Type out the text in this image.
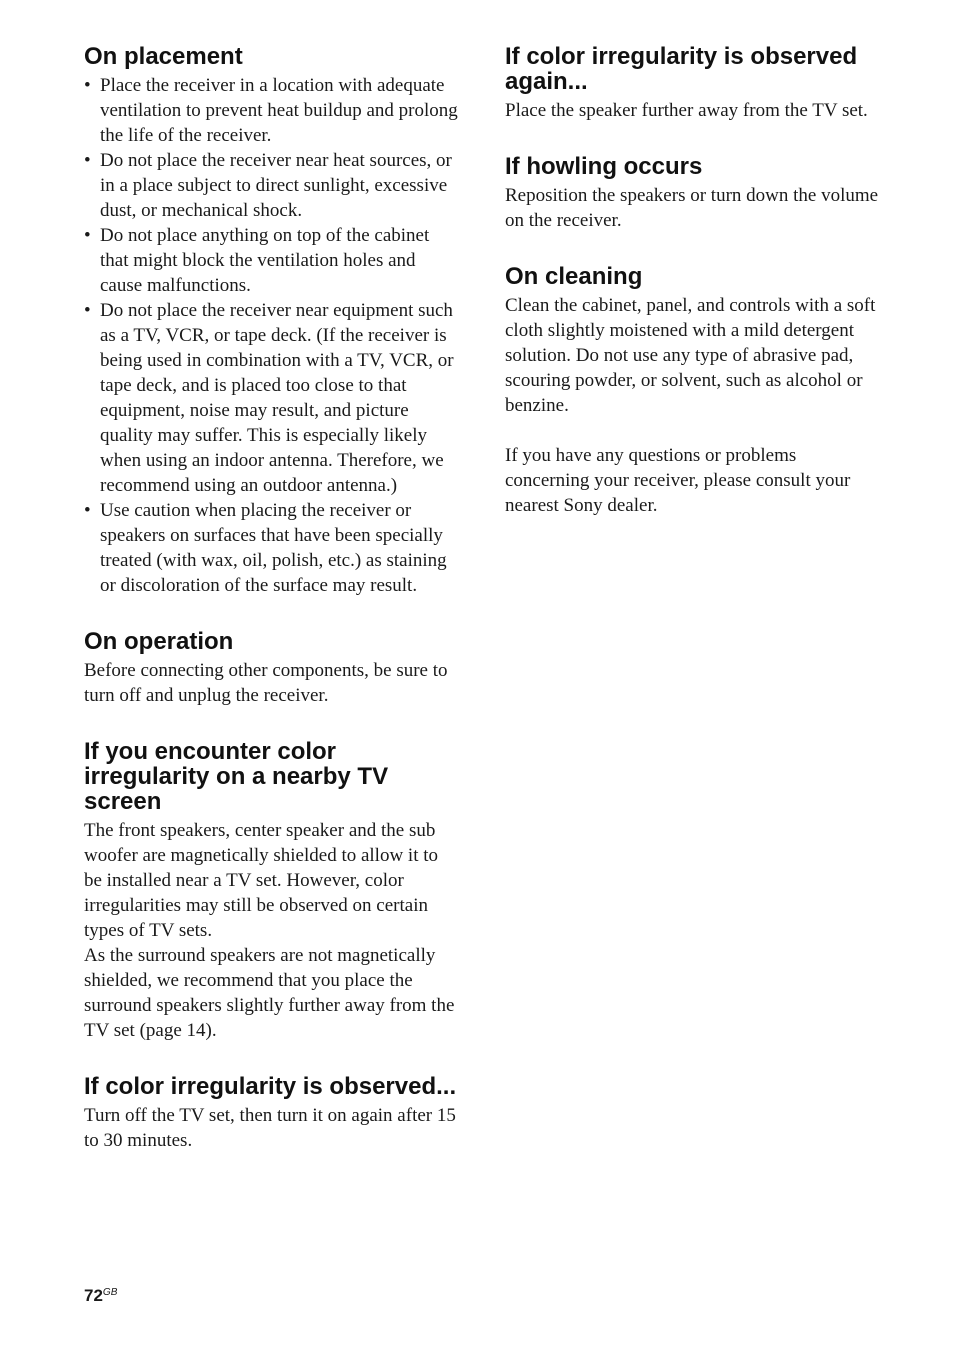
On placement
• Place the receiver in a location with adequate ventilation to prevent heat buildup and prolong the life of the receiver.
• Do not place the receiver near heat sources, or in a place subject to direct sunlight, excessive dust, or mechanical shock.
• Do not place anything on top of the cabinet that might block the ventilation holes and cause malfunctions.
• Do not place the receiver near equipment such as a TV, VCR, or tape deck. (If the receiver is being used in combination with a TV, VCR, or tape deck, and is placed too close to that equipment, noise may result, and picture quality may suffer. This is especially likely when using an indoor antenna. Therefore, we recommend using an outdoor antenna.)
• Use caution when placing the receiver or speakers on surfaces that have been specially treated (with wax, oil, polish, etc.) as staining or discoloration of the surface may result.
On operation

Before connecting other components, be sure to turn off and unplug the receiver.

If you encounter color irregularity on a nearby TV screen

The front speakers, center speaker and the sub woofer are magnetically shielded to allow it to be installed near a TV set. However, color irregularities may still be observed on certain types of TV sets.

As the surround speakers are not magnetically shielded, we recommend that you place the surround speakers slightly further away from the TV set (page 14).

If color irregularity is observed...

Turn off the TV set, then turn it on again after 15 to 30 minutes.

If color irregularity is observed again...

Place the speaker further away from the TV set.

If howling occurs

Reposition the speakers or turn down the volume on the receiver.

On cleaning

Clean the cabinet, panel, and controls with a soft cloth slightly moistened with a mild detergent solution. Do not use any type of abrasive pad, scouring powder, or solvent, such as alcohol or benzine.

If you have any questions or problems concerning your receiver, please consult your nearest Sony dealer.

$72^{GB}$
